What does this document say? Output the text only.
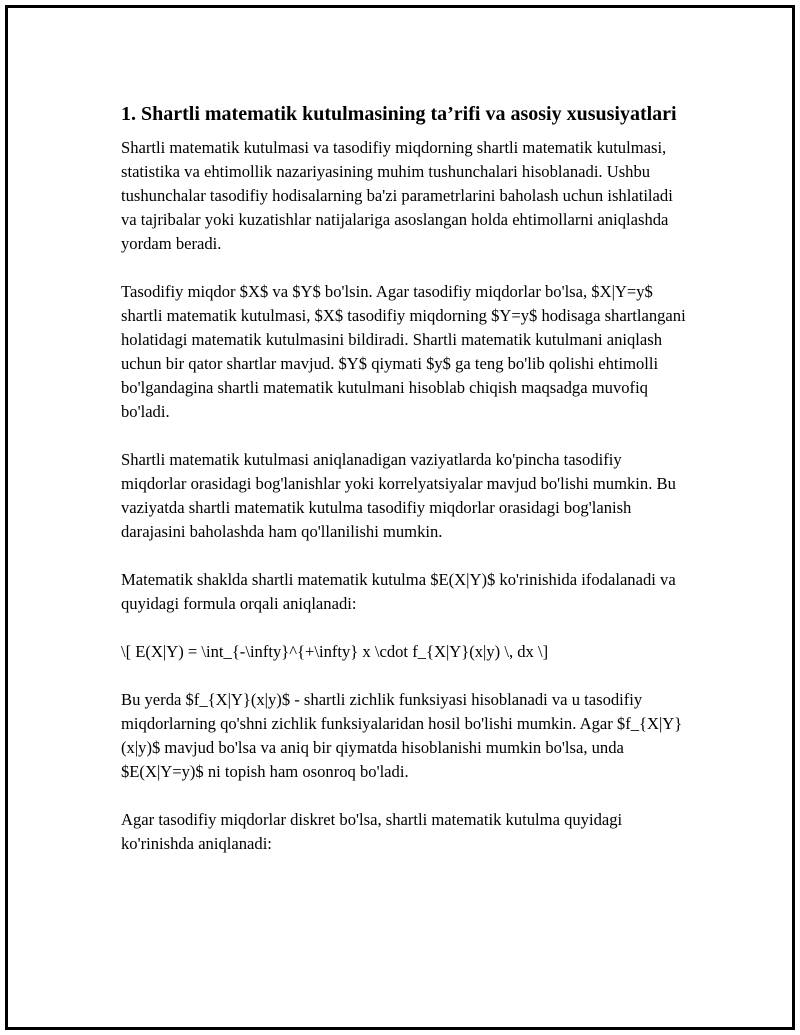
1. Shartli matematik kutulmasining ta’rifi va asosiy xususiyatlari

Shartli matematik kutulmasi va tasodifiy miqdorning shartli matematik kutulmasi, statistika va ehtimollik nazariyasining muhim tushunchalari hisoblanadi. Ushbu tushunchalar tasodifiy hodisalarning ba'zi parametrlarini baholash uchun ishlatiladi va tajribalar yoki kuzatishlar natijalariga asoslangan holda ehtimollarni aniqlashda yordam beradi.

Tasodifiy miqdor $X$ va $Y$ bo'lsin. Agar tasodifiy miqdorlar bo'lsa, $X|Y=y$ shartli matematik kutulmasi, $X$ tasodifiy miqdorning $Y=y$ hodisaga shartlangani holatidagi matematik kutulmasini bildiradi. Shartli matematik kutulmani aniqlash uchun bir qator shartlar mavjud. $Y$ qiymati $y$ ga teng bo'lib qolishi ehtimolli bo'lgandagina shartli matematik kutulmani hisoblab chiqish maqsadga muvofiq bo'ladi.

Shartli matematik kutulmasi aniqlanadigan vaziyatlarda ko'pincha tasodifiy miqdorlar orasidagi bog'lanishlar yoki korrelyatsiyalar mavjud bo'lishi mumkin. Bu vaziyatda shartli matematik kutulma tasodifiy miqdorlar orasidagi bog'lanish darajasini baholashda ham qo'llanilishi mumkin.

Matematik shaklda shartli matematik kutulma $E(X|Y)$ ko'rinishida ifodalanadi va quyidagi formula orqali aniqlanadi:

\[ E(X|Y) = \int_{-\infty}^{+\infty} x \cdot f_{X|Y}(x|y) \, dx \]

Bu yerda $f_{X|Y}(x|y)$ - shartli zichlik funksiyasi hisoblanadi va u tasodifiy miqdorlarning qo'shni zichlik funksiyalaridan hosil bo'lishi mumkin. Agar $f_{X|Y}(x|y)$ mavjud bo'lsa va aniq bir qiymatda hisoblanishi mumkin bo'lsa, unda $E(X|Y=y)$ ni topish ham osonroq bo'ladi.

Agar tasodifiy miqdorlar diskret bo'lsa, shartli matematik kutulma quyidagi ko'rinishda aniqlanadi:
